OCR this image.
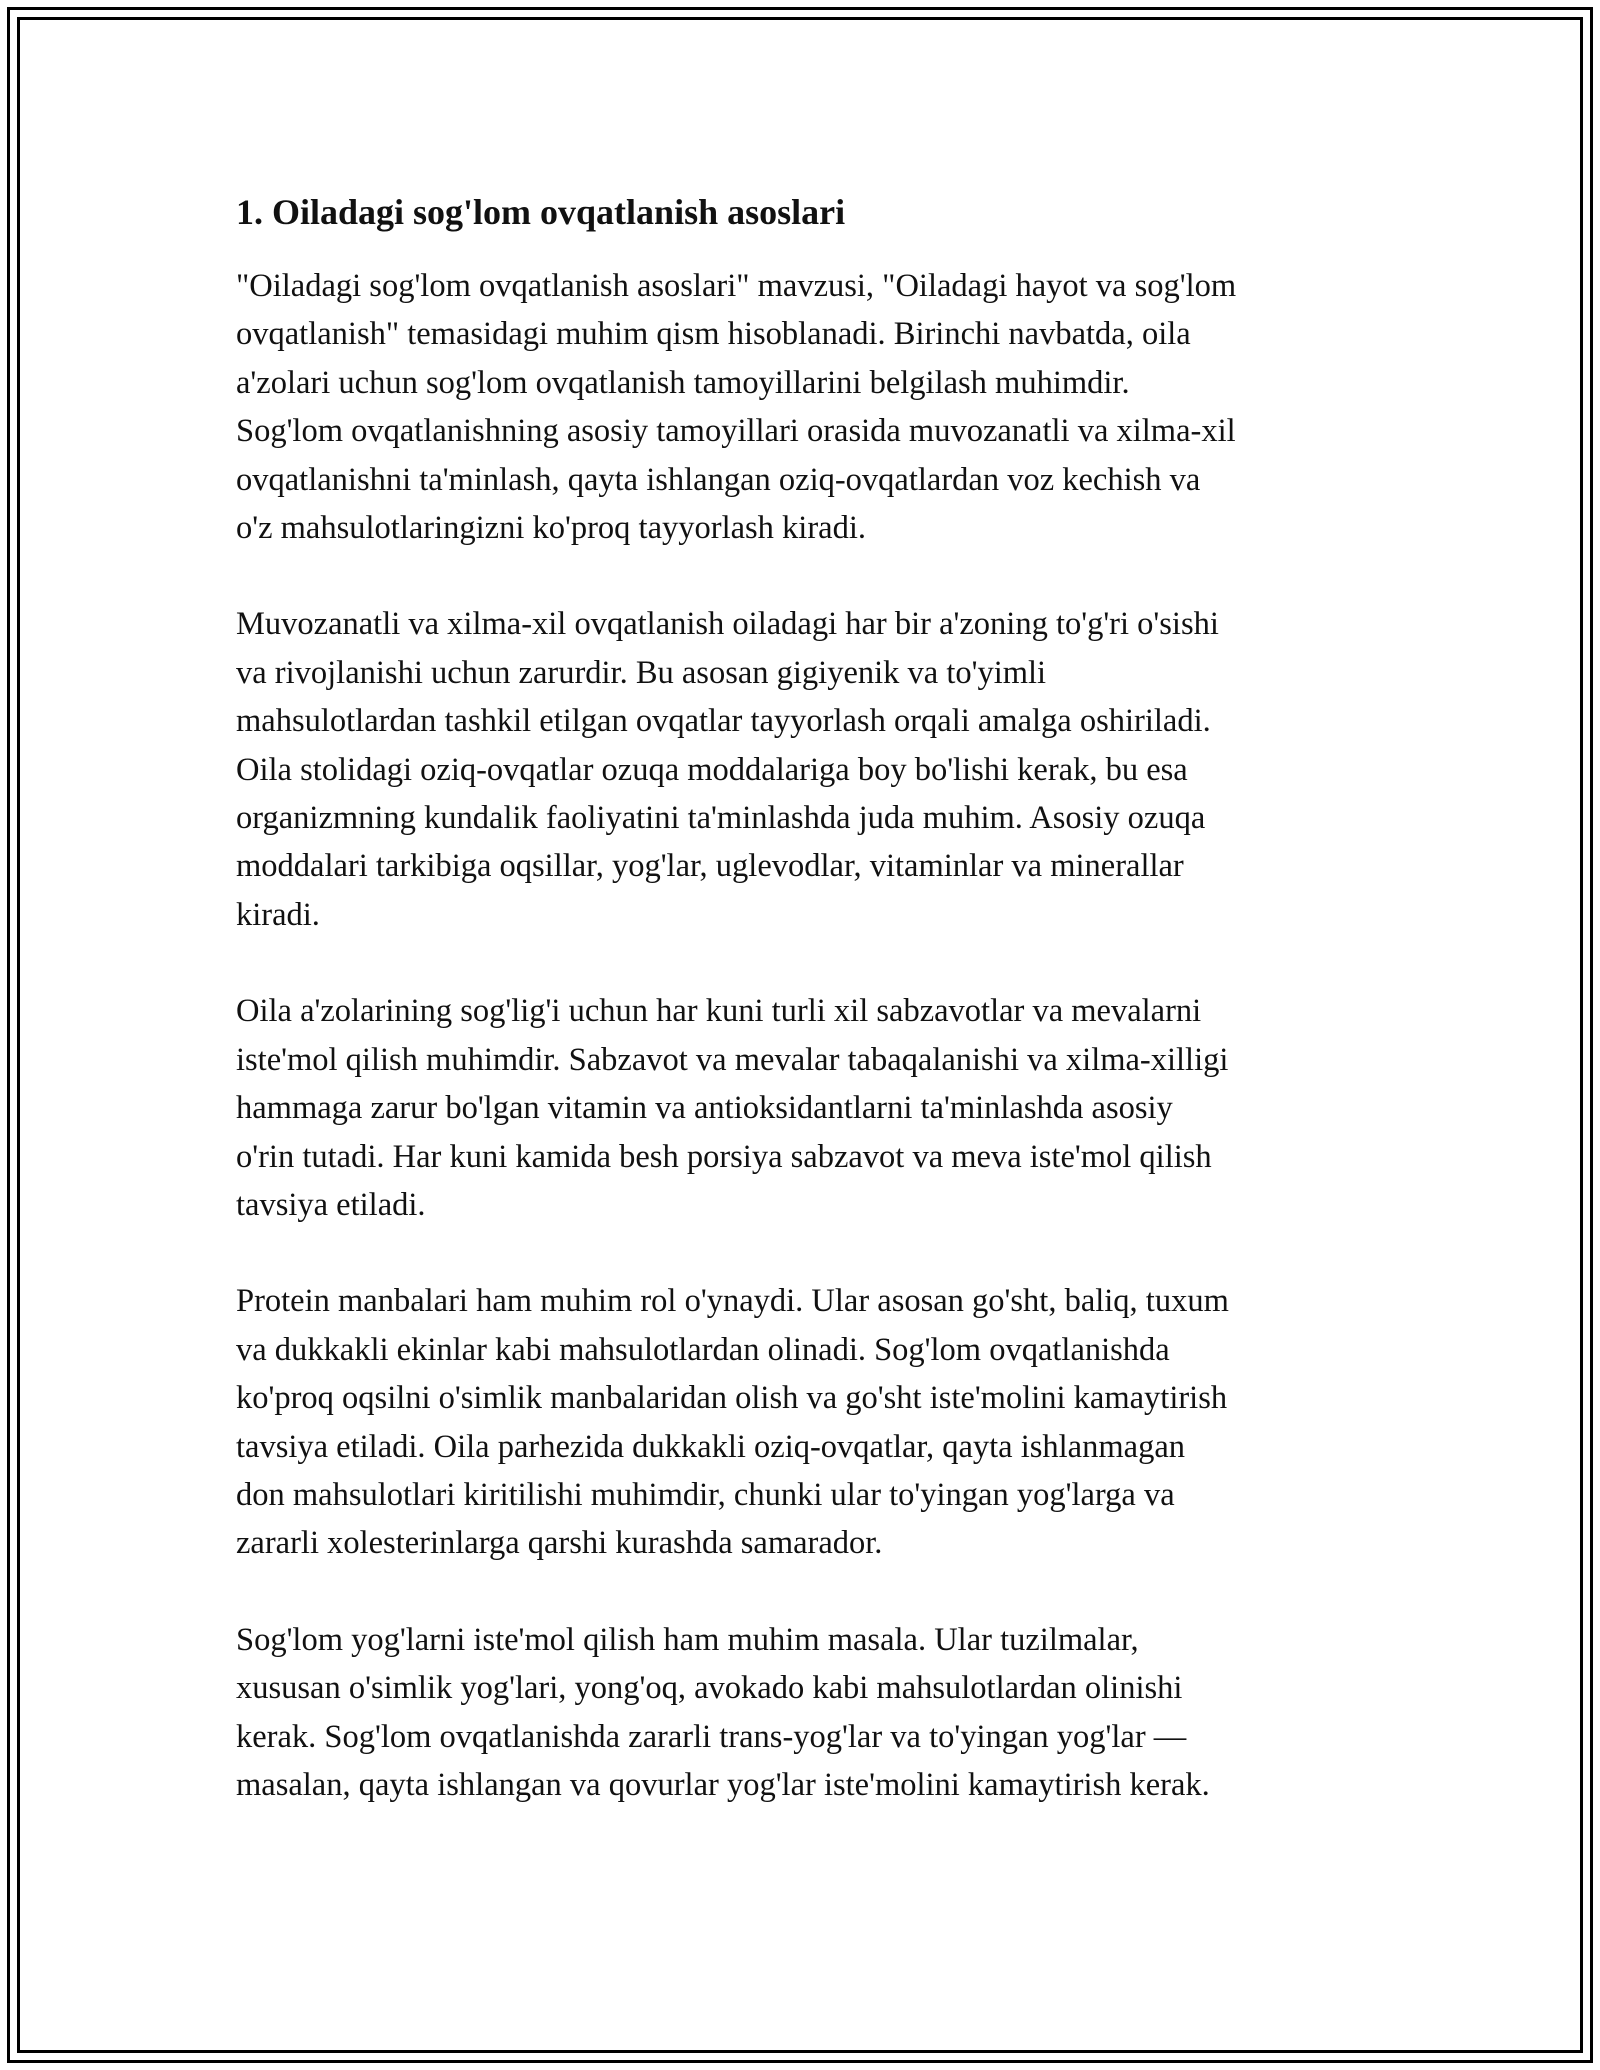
1. Oiladagi sog'lom ovqatlanish asoslari

"Oiladagi sog'lom ovqatlanish asoslari" mavzusi, "Oiladagi hayot va sog'lom
ovqatlanish" temasidagi muhim qism hisoblanadi. Birinchi navbatda, oila
a'zolari uchun sog'lom ovqatlanish tamoyillarini belgilash muhimdir.
Sog'lom ovqatlanishning asosiy tamoyillari orasida muvozanatli va xilma-xil
ovqatlanishni ta'minlash, qayta ishlangan oziq-ovqatlardan voz kechish va
o'z mahsulotlaringizni ko'proq tayyorlash kiradi.

Muvozanatli va xilma-xil ovqatlanish oiladagi har bir a'zoning to'g'ri o'sishi
va rivojlanishi uchun zarurdir. Bu asosan gigiyenik va to'yimli
mahsulotlardan tashkil etilgan ovqatlar tayyorlash orqali amalga oshiriladi.
Oila stolidagi oziq-ovqatlar ozuqa moddalariga boy bo'lishi kerak, bu esa
organizmning kundalik faoliyatini ta'minlashda juda muhim. Asosiy ozuqa
moddalari tarkibiga oqsillar, yog'lar, uglevodlar, vitaminlar va minerallar
kiradi.

Oila a'zolarining sog'lig'i uchun har kuni turli xil sabzavotlar va mevalarni
iste'mol qilish muhimdir. Sabzavot va mevalar tabaqalanishi va xilma-xilligi
hammaga zarur bo'lgan vitamin va antioksidantlarni ta'minlashda asosiy
o'rin tutadi. Har kuni kamida besh porsiya sabzavot va meva iste'mol qilish
tavsiya etiladi.

Protein manbalari ham muhim rol o'ynaydi. Ular asosan go'sht, baliq, tuxum
va dukkakli ekinlar kabi mahsulotlardan olinadi. Sog'lom ovqatlanishda
ko'proq oqsilni o'simlik manbalaridan olish va go'sht iste'molini kamaytirish
tavsiya etiladi. Oila parhezida dukkakli oziq-ovqatlar, qayta ishlanmagan
don mahsulotlari kiritilishi muhimdir, chunki ular to'yingan yog'larga va
zararli xolesterinlarga qarshi kurashda samarador.

Sog'lom yog'larni iste'mol qilish ham muhim masala. Ular tuzilmalar,
xususan o'simlik yog'lari, yong'oq, avokado kabi mahsulotlardan olinishi
kerak. Sog'lom ovqatlanishda zararli trans-yog'lar va to'yingan yog'lar —
masalan, qayta ishlangan va qovurlar yog'lar iste'molini kamaytirish kerak.
